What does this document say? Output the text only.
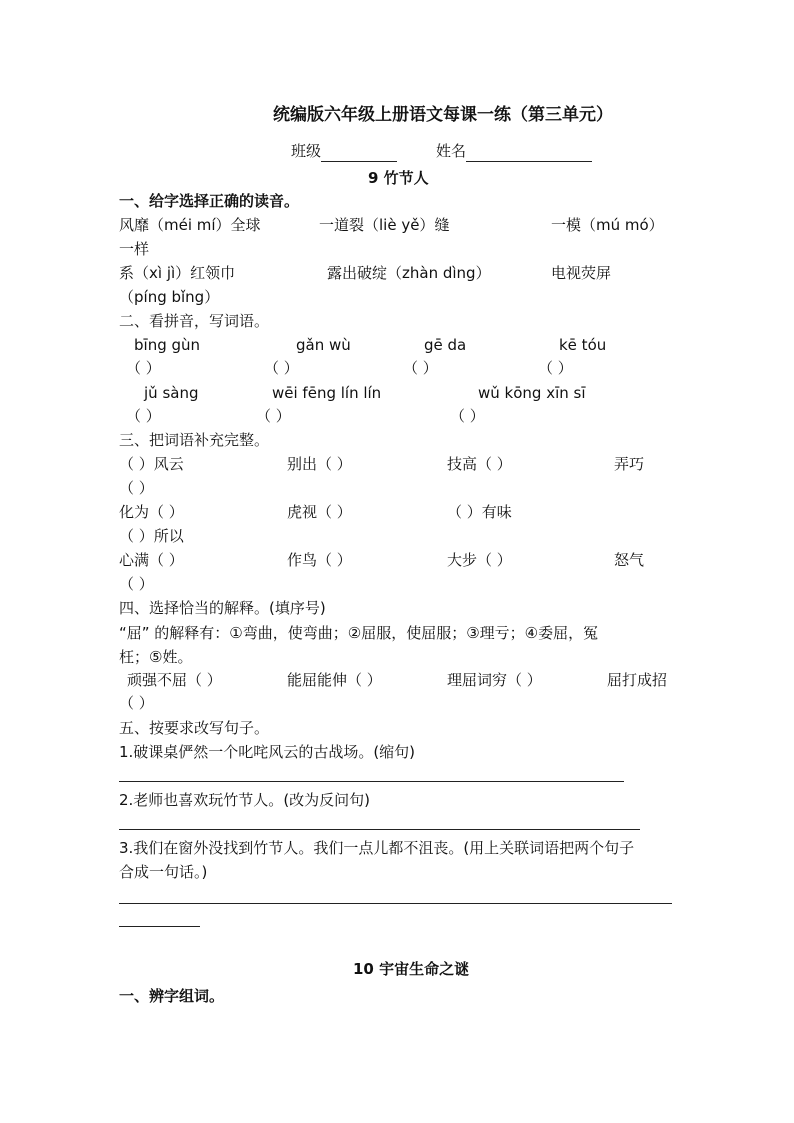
统编版六年级上册语文每课一练（第三单元）
班级	姓名
9 竹节人
一、给字选择正确的读音。
风靡（méi mí）全球	一道裂（liè yě）缝	一模（mú mó）
一样
系（xì jì）红领巾	露出破绽（zhàn dìng）	电视荧屏
（píng bǐng）
二、看拼音，写词语。
bīng gùn	gǎn wù	gē da	kē tóu
（ ）	（ ）	（ ）	（ ）
jǔ sàng	wēi fēng lín lín	wǔ kōng xīn sī
（ ）	（ ）	（ ）
三、把词语补充完整。
（ ）风云	别出（ ）	技高（ ）	弄巧
（ ）
化为（ ）	虎视（ ）	（ ）有味
（ ）所以
心满（ ）	作鸟（ ）	大步（ ）	怒气
（ ）
四、选择恰当的解释。(填序号)
“屈” 的解释有：①弯曲，使弯曲；②屈服，使屈服；③理亏；④委屈，冤
枉；⑤姓。
顽强不屈（ ）	能屈能伸（ ）	理屈词穷（ ）	屈打成招
（ ）
五、按要求改写句子。
1.破课桌俨然一个叱咤风云的古战场。(缩句)
2.老师也喜欢玩竹节人。(改为反问句)
3.我们在窗外没找到竹节人。我们一点儿都不沮丧。(用上关联词语把两个句子
合成一句话。)
10 宇宙生命之谜
一、辨字组词。
